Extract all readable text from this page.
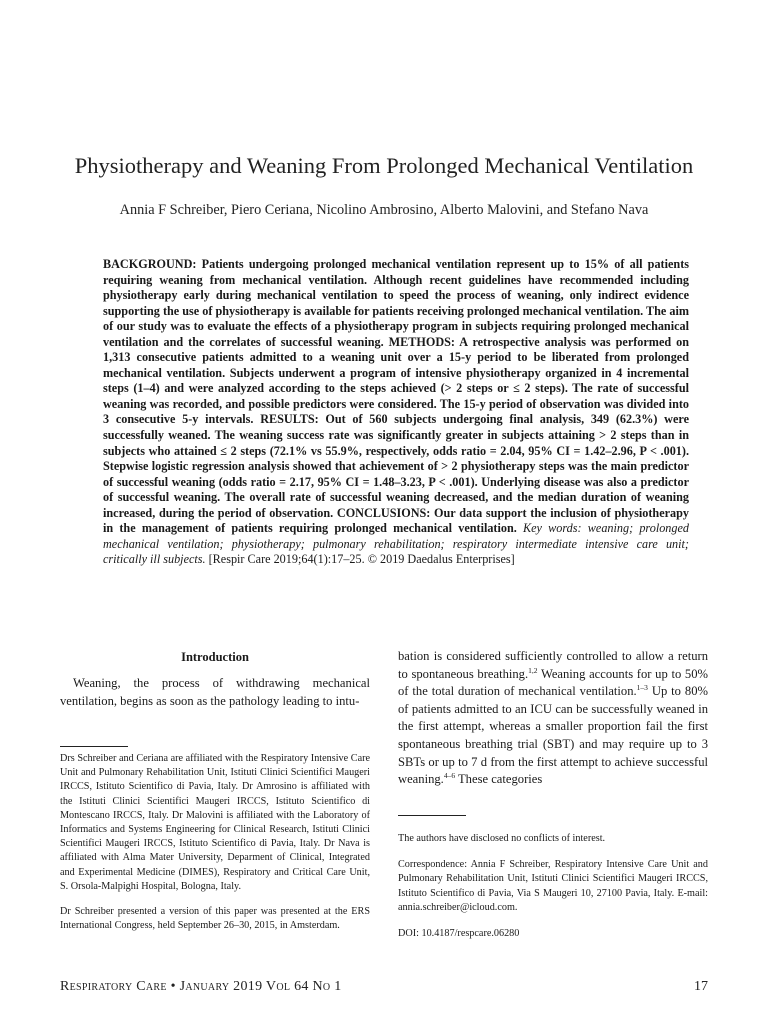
Physiotherapy and Weaning From Prolonged Mechanical Ventilation
Annia F Schreiber, Piero Ceriana, Nicolino Ambrosino, Alberto Malovini, and Stefano Nava
BACKGROUND: Patients undergoing prolonged mechanical ventilation represent up to 15% of all patients requiring weaning from mechanical ventilation. Although recent guidelines have recommended including physiotherapy early during mechanical ventilation to speed the process of weaning, only indirect evidence supporting the use of physiotherapy is available for patients receiving prolonged mechanical ventilation. The aim of our study was to evaluate the effects of a physiotherapy program in subjects requiring prolonged mechanical ventilation and the correlates of successful weaning. METHODS: A retrospective analysis was performed on 1,313 consecutive patients admitted to a weaning unit over a 15-y period to be liberated from prolonged mechanical ventilation. Subjects underwent a program of intensive physiotherapy organized in 4 incremental steps (1–4) and were analyzed according to the steps achieved (> 2 steps or ≤ 2 steps). The rate of successful weaning was recorded, and possible predictors were considered. The 15-y period of observation was divided into 3 consecutive 5-y intervals. RESULTS: Out of 560 subjects undergoing final analysis, 349 (62.3%) were successfully weaned. The weaning success rate was significantly greater in subjects attaining > 2 steps than in subjects who attained ≤ 2 steps (72.1% vs 55.9%, respectively, odds ratio = 2.04, 95% CI = 1.42–2.96, P < .001). Stepwise logistic regression analysis showed that achievement of > 2 physiotherapy steps was the main predictor of successful weaning (odds ratio = 2.17, 95% CI = 1.48–3.23, P < .001). Underlying disease was also a predictor of successful weaning. The overall rate of successful weaning decreased, and the median duration of weaning increased, during the period of observation. CONCLUSIONS: Our data support the inclusion of physiotherapy in the management of patients requiring prolonged mechanical ventilation. Key words: weaning; prolonged mechanical ventilation; physiotherapy; pulmonary rehabilitation; respiratory intermediate intensive care unit; critically ill subjects. [Respir Care 2019;64(1):17–25. © 2019 Daedalus Enterprises]
Introduction

Weaning, the process of withdrawing mechanical ventilation, begins as soon as the pathology leading to intu-

bation is considered sufficiently controlled to allow a return to spontaneous breathing.$^{1,2}$ Weaning accounts for up to 50% of the total duration of mechanical ventilation.$^{1-3}$ Up to 80% of patients admitted to an ICU can be successfully weaned in the first attempt, whereas a smaller proportion fail the first spontaneous breathing trial (SBT) and may require up to 3 SBTs or up to 7 d from the first attempt to achieve successful weaning.$^{4-6}$ These categories

Drs Schreiber and Ceriana are affiliated with the Respiratory Intensive Care Unit and Pulmonary Rehabilitation Unit, Istituti Clinici Scientifici Maugeri IRCCS, Istituto Scientifico di Pavia, Italy. Dr Amrosino is affiliated with the Istituti Clinici Scientifici Maugeri IRCCS, Istituto Scientifico di Montescano IRCCS, Italy. Dr Malovini is affiliated with the Laboratory of Informatics and Systems Engineering for Clinical Research, Istituti Clinici Scientifici Maugeri IRCCS, Istituto Scientifico di Pavia, Italy. Dr Nava is affiliated with Alma Mater University, Deparment of Clinical, Integrated and Experimental Medicine (DIMES), Respiratory and Critical Care Unit, S. Orsola-Malpighi Hospital, Bologna, Italy.

Dr Schreiber presented a version of this paper was presented at the ERS International Congress, held September 26–30, 2015, in Amsterdam.

The authors have disclosed no conflicts of interest.

Correspondence: Annia F Schreiber, Respiratory Intensive Care Unit and Pulmonary Rehabilitation Unit, Istituti Clinici Scientifici Maugeri IRCCS, Istituto Scientifico di Pavia, Via S Maugeri 10, 27100 Pavia, Italy. E-mail: annia.schreiber@icloud.com.

DOI: 10.4187/respcare.06280

Respiratory Care • January 2019 Vol 64 No 1	17
